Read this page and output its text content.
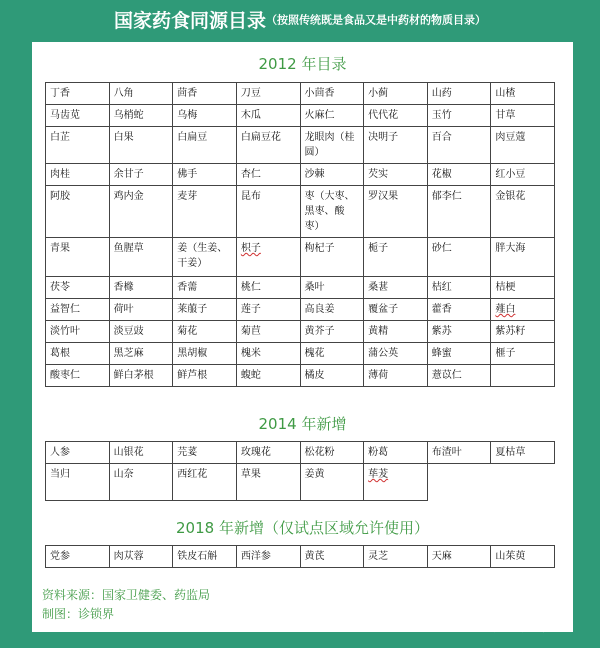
国家药食同源目录（按照传统既是食品又是中药材的物质目录）
2012 年目录
丁香	八角	茴香	刀豆	小茴香	小蓟	山药	山楂
马齿苋	乌梢蛇	乌梅	木瓜	火麻仁	代代花	玉竹	甘草
白芷	白果	白扁豆	白扁豆花	龙眼肉（桂圆）	决明子	百合	肉豆蔻
肉桂	余甘子	佛手	杏仁	沙棘	芡实	花椒	红小豆
阿胶	鸡内金	麦芽	昆布	枣（大枣、黑枣、酸枣）	罗汉果	郁李仁	金银花
青果	鱼腥草	姜（生姜、干姜）	枳子	枸杞子	栀子	砂仁	胖大海
茯苓	香橼	香薷	桃仁	桑叶	桑葚	桔红	桔梗
益智仁	荷叶	莱菔子	莲子	高良姜	覆盆子	藿香	薤白
淡竹叶	淡豆豉	菊花	菊苣	黄芥子	黄精	紫苏	紫苏籽
葛根	黑芝麻	黑胡椒	槐米	槐花	蒲公英	蜂蜜	榧子
酸枣仁	鲜白茅根	鲜芦根	蝮蛇	橘皮	薄荷	薏苡仁	
2014 年新增
人参	山银花	芫荽	玫瑰花	松花粉	粉葛	布渣叶	夏枯草
当归	山奈	西红花	草果	姜黄	荜茇		
2018 年新增（仅试点区域允许使用）
党参	肉苁蓉	铁皮石斛	西洋参	黄芪	灵芝	天麻	山茱萸
资料来源：国家卫健委、药监局
制图：诊锁界	诊锁界
